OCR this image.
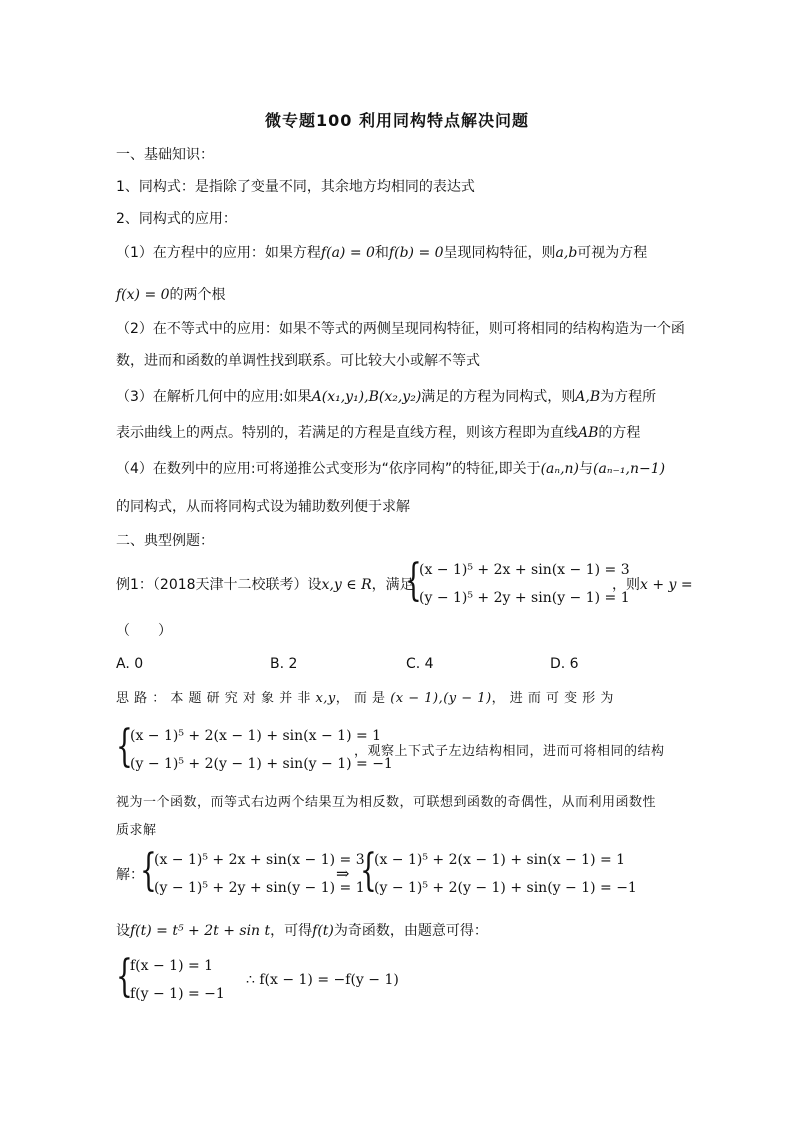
微专题100 利用同构特点解决问题
一、基础知识：
1、同构式：是指除了变量不同，其余地方均相同的表达式
2、同构式的应用：
（1）在方程中的应用：如果方程f(a) = 0和f(b) = 0呈现同构特征，则a,b可视为方程
f(x) = 0的两个根
（2）在不等式中的应用：如果不等式的两侧呈现同构特征，则可将相同的结构构造为一个函
数，进而和函数的单调性找到联系。可比较大小或解不等式
（3）在解析几何中的应用:如果A(x₁,y₁),B(x₂,y₂)满足的方程为同构式，则A,B为方程所
表示曲线上的两点。特别的，若满足的方程是直线方程，则该方程即为直线AB的方程
（4）在数列中的应用:可将递推公式变形为“依序同构”的特征,即关于(aₙ,n)与(aₙ₋₁,n−1)
的同构式，从而将同构式设为辅助数列便于求解
二、典型例题：
例1：（2018天津十二校联考）设x,y ∈ R，满足
{
(x − 1)⁵ + 2x + sin(x − 1) = 3
(y − 1)⁵ + 2y + sin(y − 1) = 1
，则x + y =
（　　）
A. 0	B. 2	C. 4	D. 6
思 路 ： 本 题 研 究 对 象 并 非 x,y， 而 是 (x − 1),(y − 1)， 进 而 可 变 形 为
{
(x − 1)⁵ + 2(x − 1) + sin(x − 1) = 1
(y − 1)⁵ + 2(y − 1) + sin(y − 1) = −1
，观察上下式子左边结构相同，进而可将相同的结构
视为一个函数，而等式右边两个结果互为相反数，可联想到函数的奇偶性，从而利用函数性
质求解
解：
{
(x − 1)⁵ + 2x + sin(x − 1) = 3
(y − 1)⁵ + 2y + sin(y − 1) = 1
⇒ {
(x − 1)⁵ + 2(x − 1) + sin(x − 1) = 1
(y − 1)⁵ + 2(y − 1) + sin(y − 1) = −1
设f(t) = t⁵ + 2t + sin t，可得f(t)为奇函数，由题意可得：
{
f(x − 1) = 1
f(y − 1) = −1
∴ f(x − 1) = −f(y − 1)
